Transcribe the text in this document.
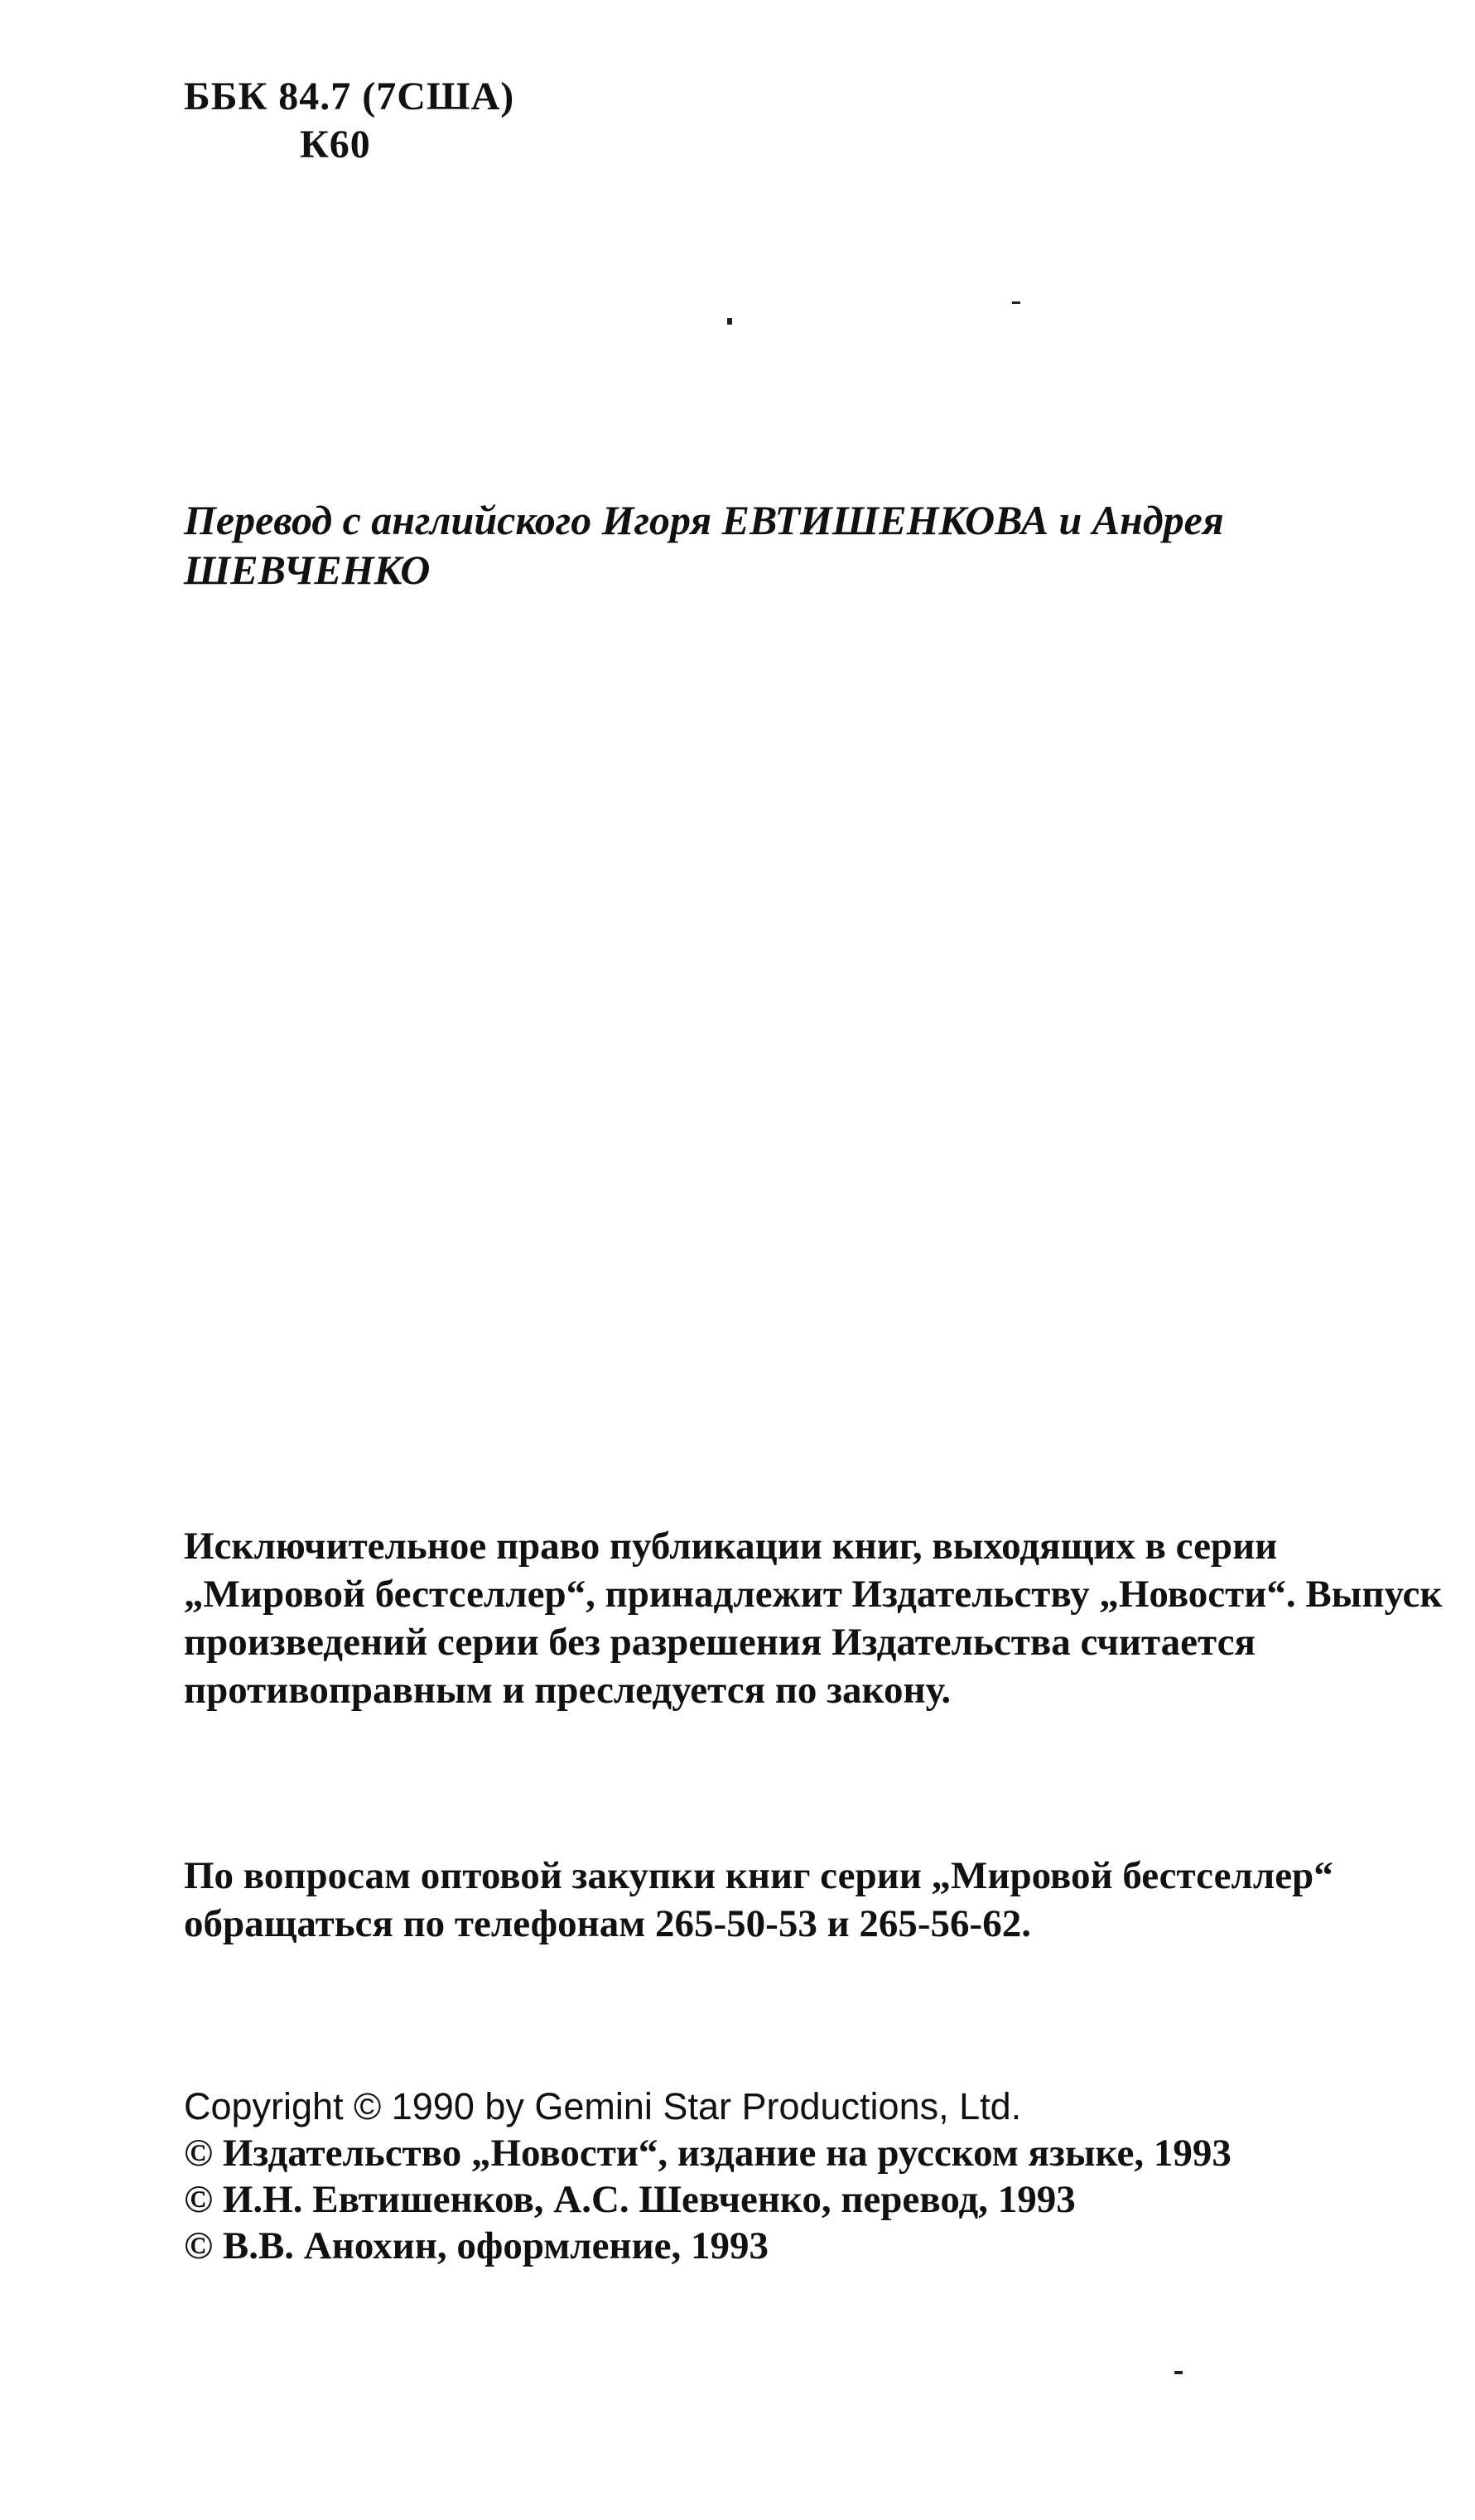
ББК 84.7 (7США)
К60
Перевод с английского Игоря ЕВТИШЕНКОВА и Андрея ШЕВЧЕНКО
Исключительное право публикации книг, выходящих в серии „Мировой бестселлер“, принадлежит Издательству „Новости“. Выпуск произведений серии без разрешения Издательства считается противоправным и преследуется по закону.
По вопросам оптовой закупки книг серии „Мировой бестселлер“ обращаться по телефонам 265-50-53 и 265-56-62.
Copyright © 1990 by Gemini Star Productions, Ltd.
© Издательство „Новости“, издание на русском языке, 1993
© И.Н. Евтишенков, А.С. Шевченко, перевод, 1993
© В.В. Анохин, оформление, 1993
